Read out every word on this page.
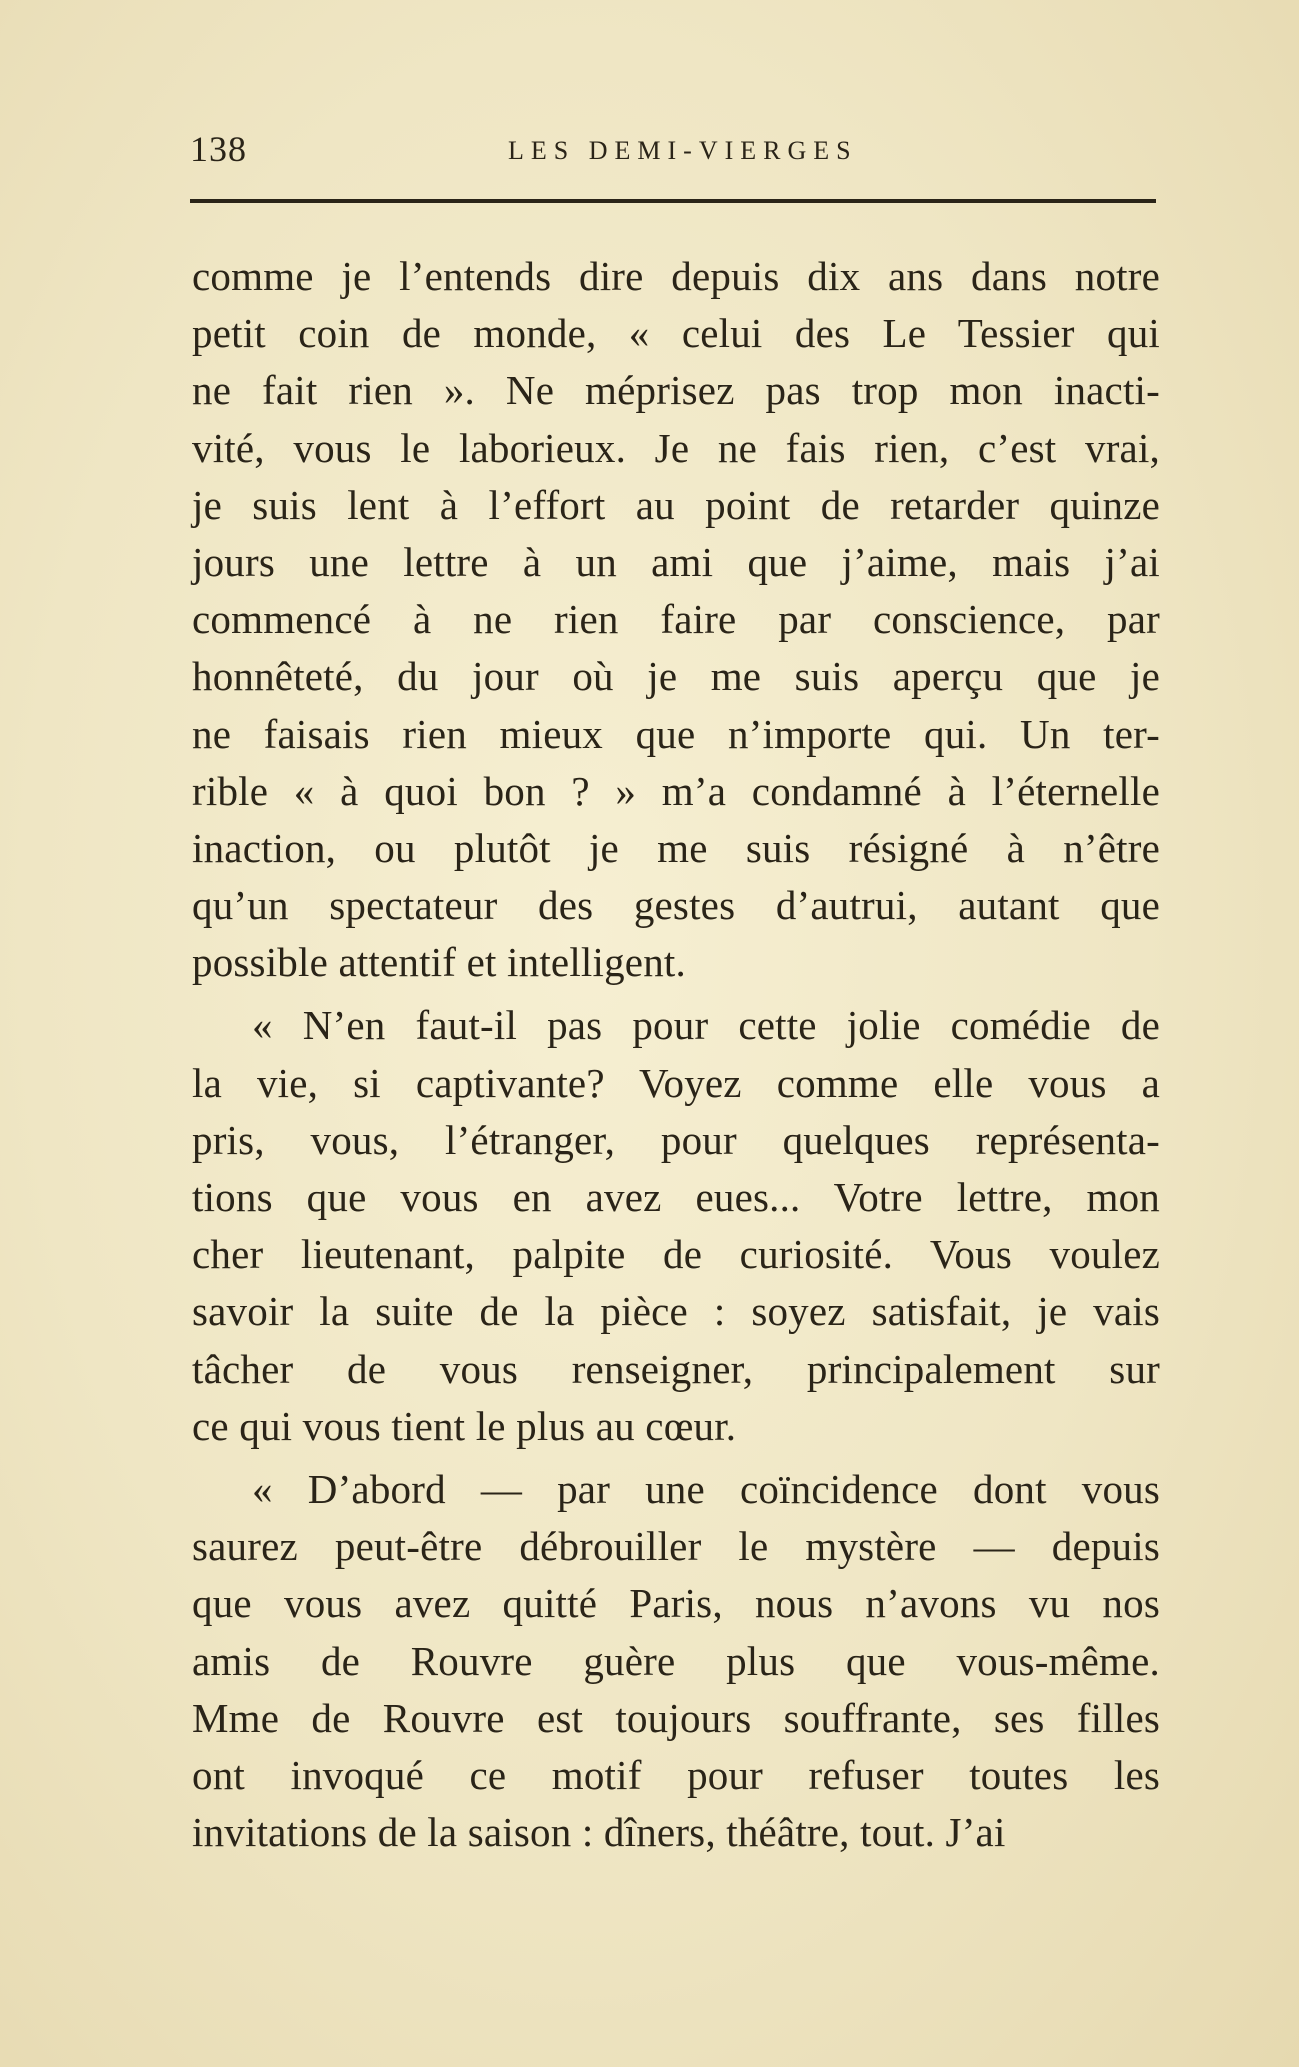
138	LES DEMI-VIERGES
comme je l’entends dire depuis dix ans dans notre
petit coin de monde, « celui des Le Tessier qui
ne fait rien ». Ne méprisez pas trop mon inacti-
vité, vous le laborieux. Je ne fais rien, c’est vrai,
je suis lent à l’effort au point de retarder quinze
jours une lettre à un ami que j’aime, mais j’ai
commencé à ne rien faire par conscience, par
honnêteté, du jour où je me suis aperçu que je
ne faisais rien mieux que n’importe qui. Un ter-
rible « à quoi bon ? » m’a condamné à l’éternelle
inaction, ou plutôt je me suis résigné à n’être
qu’un spectateur des gestes d’autrui, autant que
possible attentif et intelligent.
« N’en faut-il pas pour cette jolie comédie de
la vie, si captivante? Voyez comme elle vous a
pris, vous, l’étranger, pour quelques représenta-
tions que vous en avez eues... Votre lettre, mon
cher lieutenant, palpite de curiosité. Vous voulez
savoir la suite de la pièce : soyez satisfait, je vais
tâcher de vous renseigner, principalement sur
ce qui vous tient le plus au cœur.
« D’abord — par une coïncidence dont vous
saurez peut-être débrouiller le mystère — depuis
que vous avez quitté Paris, nous n’avons vu nos
amis de Rouvre guère plus que vous-même.
Mme de Rouvre est toujours souffrante, ses filles
ont invoqué ce motif pour refuser toutes les
invitations de la saison : dîners, théâtre, tout. J’ai
